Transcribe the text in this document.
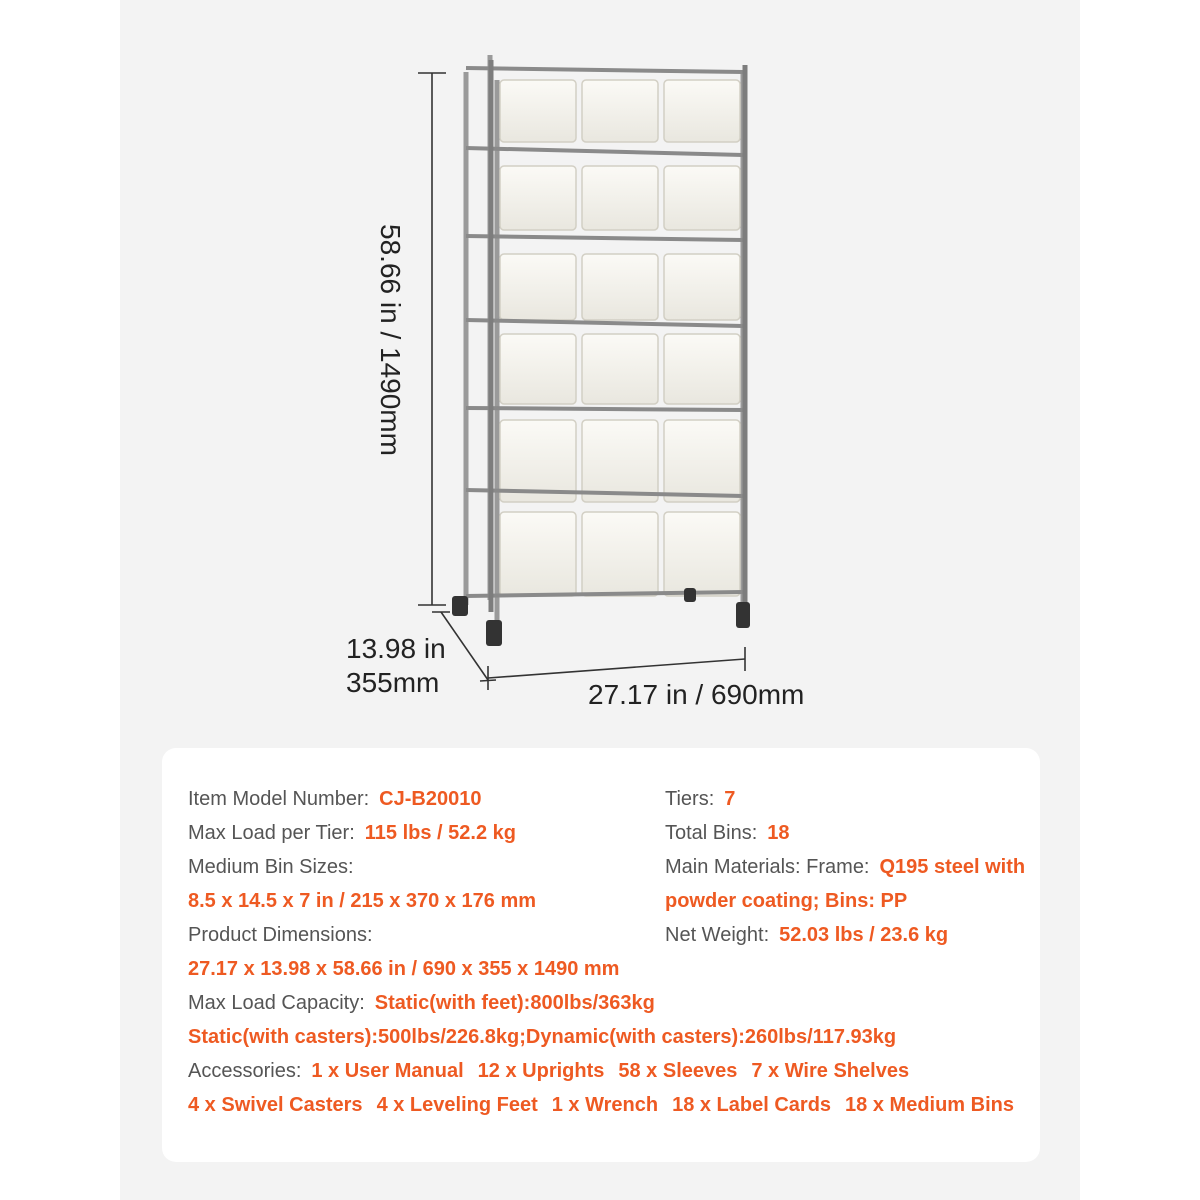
58.66 in / 1490mm
13.98 in
355mm	27.17 in / 690mm
Item Model Number: CJ-B20010
Max Load per Tier: 115 lbs / 52.2 kg
Medium Bin Sizes:
8.5 x 14.5 x 7 in / 215 x 370 x 176 mm
Product Dimensions:
27.17 x 13.98 x 58.66 in / 690 x 355 x 1490 mm
Max Load Capacity: Static(with feet):800lbs/363kg
Static(with casters):500lbs/226.8kg;Dynamic(with casters):260lbs/117.93kg
Accessories: 1 x User Manual 12 x Uprights 58 x Sleeves 7 x Wire Shelves
4 x Swivel Casters 4 x Leveling Feet 1 x Wrench 18 x Label Cards 18 x Medium Bins
Tiers: 7
Total Bins: 18
Main Materials: Frame: Q195 steel with
powder coating; Bins: PP
Net Weight: 52.03 lbs / 23.6 kg
